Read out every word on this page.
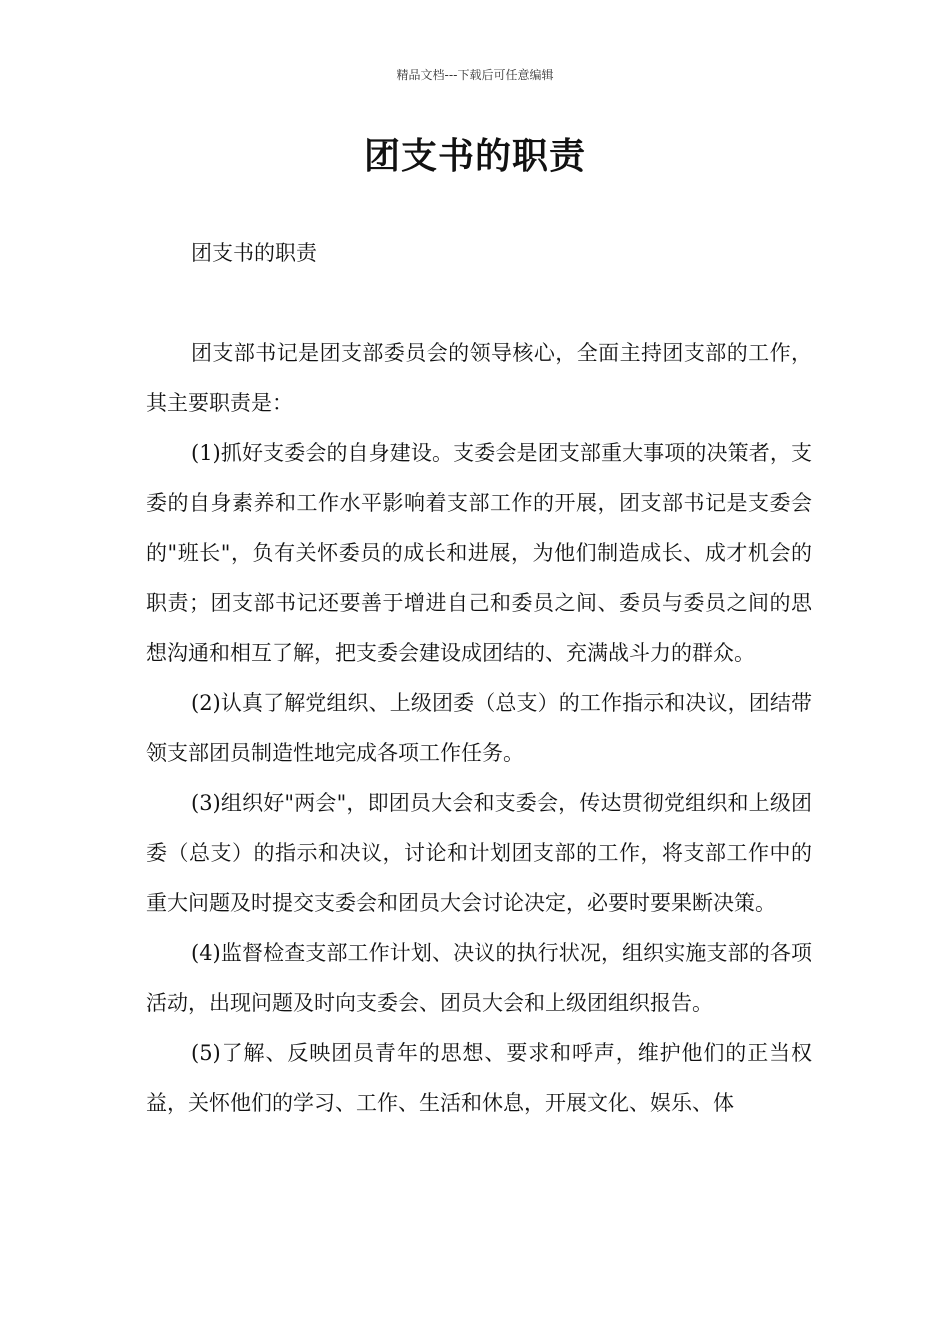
精品文档---下载后可任意编辑
团支书的职责
团支书的职责

团支部书记是团支部委员会的领导核心，全面主持团支部的工作，其主要职责是：

(1)抓好支委会的自身建设。支委会是团支部重大事项的决策者，支委的自身素养和工作水平影响着支部工作的开展，团支部书记是支委会的"班长"，负有关怀委员的成长和进展，为他们制造成长、成才机会的职责；团支部书记还要善于增进自己和委员之间、委员与委员之间的思想沟通和相互了解，把支委会建设成团结的、充满战斗力的群众。

(2)认真了解党组织、上级团委（总支）的工作指示和决议，团结带领支部团员制造性地完成各项工作任务。

(3)组织好"两会"，即团员大会和支委会，传达贯彻党组织和上级团委（总支）的指示和决议，讨论和计划团支部的工作，将支部工作中的重大问题及时提交支委会和团员大会讨论决定，必要时要果断决策。

(4)监督检查支部工作计划、决议的执行状况，组织实施支部的各项活动，出现问题及时向支委会、团员大会和上级团组织报告。

(5)了解、反映团员青年的思想、要求和呼声，维护他们的正当权益，关怀他们的学习、工作、生活和休息，开展文化、娱乐、体
